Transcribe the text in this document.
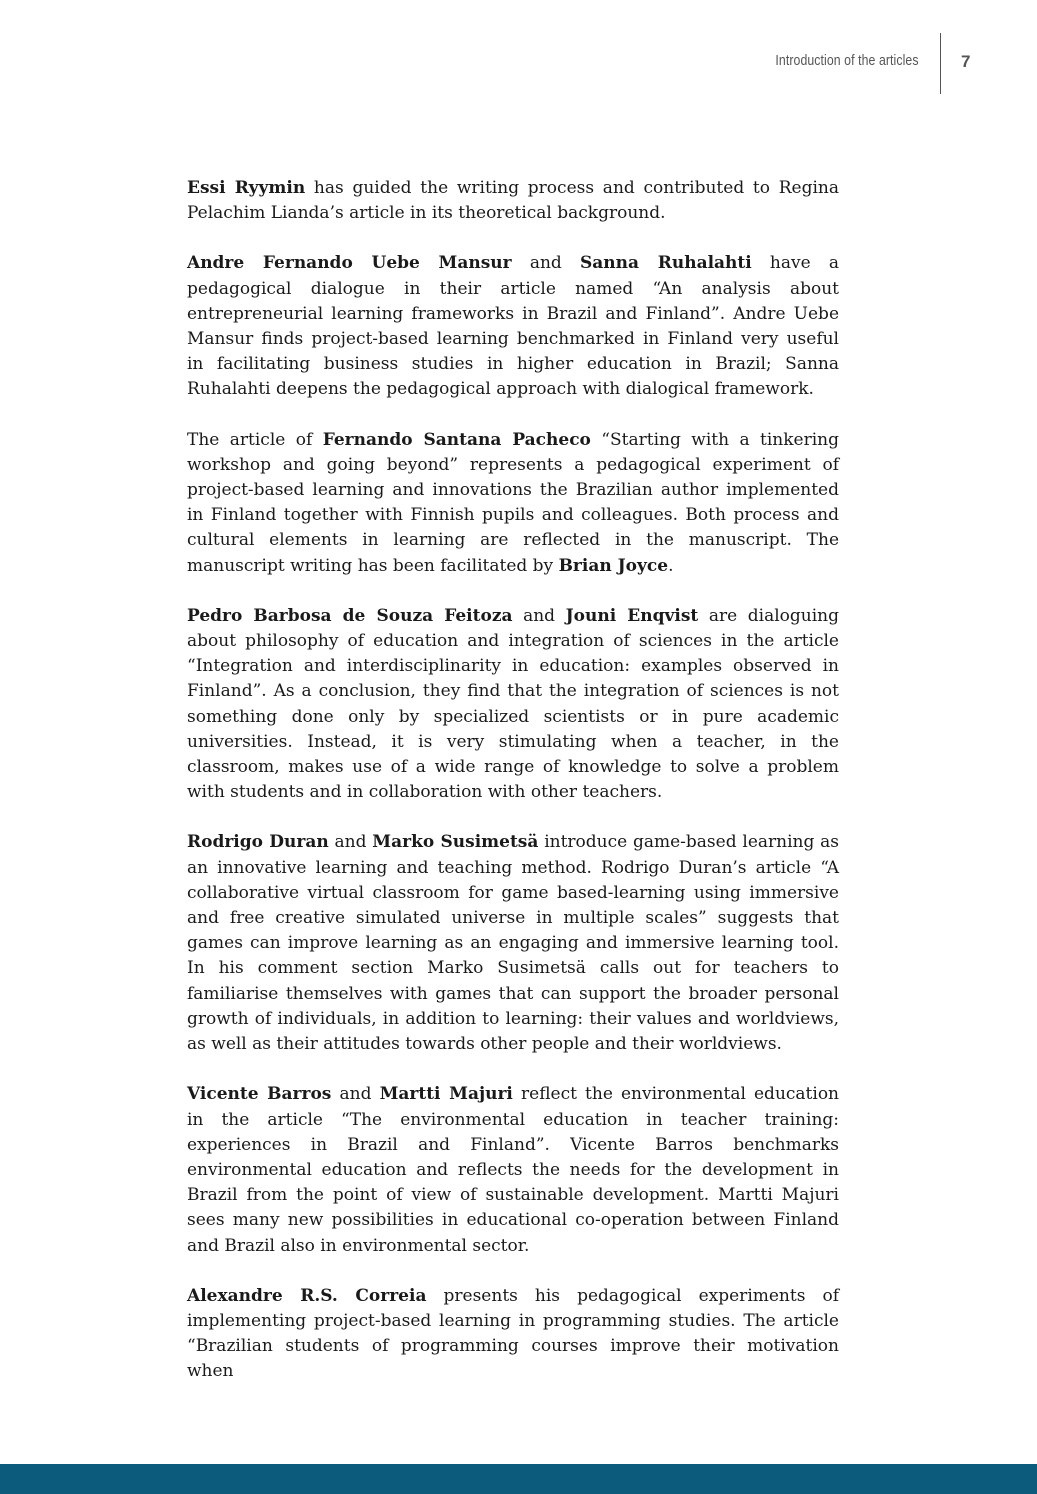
Introduction of the articles 7

Essi Ryymin has guided the writing process and contributed to Regina Pelachim Lianda’s article in its theoretical background.

Andre Fernando Uebe Mansur and Sanna Ruhalahti have a pedagogical dialogue in their article named “An analysis about entrepreneurial learning frameworks in Brazil and Finland”. Andre Uebe Mansur finds project-based learning benchmarked in Finland very useful in facilitating business studies in higher education in Brazil; Sanna Ruhalahti deepens the pedagogical approach with dialogical framework.

The article of Fernando Santana Pacheco “Starting with a tinkering workshop and going beyond” represents a pedagogical experiment of project-based learning and innovations the Brazilian author implemented in Finland together with Finnish pupils and colleagues. Both process and cultural elements in learning are reflected in the manuscript. The manuscript writing has been facilitated by Brian Joyce.

Pedro Barbosa de Souza Feitoza and Jouni Enqvist are dialoguing about philosophy of education and integration of sciences in the article “Integration and interdisciplinarity in education: examples observed in Finland”. As a conclusion, they find that the integration of sciences is not something done only by specialized scientists or in pure academic universities. Instead, it is very stimulating when a teacher, in the classroom, makes use of a wide range of knowledge to solve a problem with students and in collaboration with other teachers.

Rodrigo Duran and Marko Susimetsä introduce game-based learning as an innovative learning and teaching method. Rodrigo Duran’s article “A collaborative virtual classroom for game based-learning using immersive and free creative simulated universe in multiple scales” suggests that games can improve learning as an engaging and immersive learning tool. In his comment section Marko Susimetsä calls out for teachers to familiarise themselves with games that can support the broader personal growth of individuals, in addition to learning: their values and worldviews, as well as their attitudes towards other people and their worldviews.

Vicente Barros and Martti Majuri reflect the environmental education in the article “The environmental education in teacher training: experiences in Brazil and Finland”. Vicente Barros benchmarks environmental education and reflects the needs for the development in Brazil from the point of view of sustainable development. Martti Majuri sees many new possibilities in educational co-operation between Finland and Brazil also in environmental sector.

Alexandre R.S. Correia presents his pedagogical experiments of implementing project-based learning in programming studies. The article “Brazilian students of programming courses improve their motivation when
